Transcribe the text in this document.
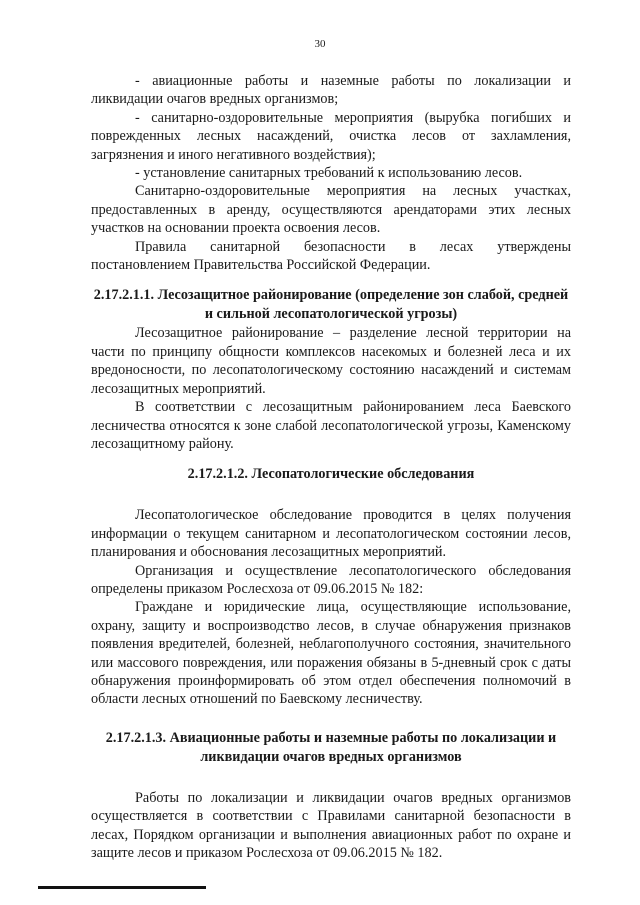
30

- авиационные работы и наземные работы по локализации и ликвидации очагов вредных организмов;

- санитарно-оздоровительные мероприятия (вырубка погибших и поврежденных лесных насаждений, очистка лесов от захламления, загрязнения и иного негативного воздействия);

- установление санитарных требований к использованию лесов.

Санитарно-оздоровительные мероприятия на лесных участках, предоставленных в аренду, осуществляются арендаторами этих лесных участков на основании проекта освоения лесов.

Правила санитарной безопасности в лесах утверждены постановлением Правительства Российской Федерации.

2.17.2.1.1. Лесозащитное районирование (определение зон слабой, средней и сильной лесопатологической угрозы)

Лесозащитное районирование – разделение лесной территории на части по принципу общности комплексов насекомых и болезней леса и их вредоносности, по лесопатологическому состоянию насаждений и системам лесозащитных мероприятий.

В соответствии с лесозащитным районированием леса Баевского лесничества относятся к зоне слабой лесопатологической угрозы, Каменскому лесозащитному району.

2.17.2.1.2. Лесопатологические обследования

Лесопатологическое обследование проводится в целях получения информации о текущем санитарном и лесопатологическом состоянии лесов, планирования и обоснования лесозащитных мероприятий.

Организация и осуществление лесопатологического обследования определены приказом Рослесхоза от 09.06.2015 № 182:

Граждане и юридические лица, осуществляющие использование, охрану, защиту и воспроизводство лесов, в случае обнаружения признаков появления вредителей, болезней, неблагополучного состояния, значительного или массового повреждения, или поражения обязаны в 5-дневный срок с даты обнаружения проинформировать об этом отдел обеспечения полномочий в области лесных отношений по Баевскому лесничеству.

2.17.2.1.3. Авиационные работы и наземные работы по локализации и ликвидации очагов вредных организмов

Работы по локализации и ликвидации очагов вредных организмов осуществляется в соответствии с Правилами санитарной безопасности в лесах, Порядком организации и выполнения авиационных работ по охране и защите лесов и приказом Рослесхоза от 09.06.2015 № 182.
